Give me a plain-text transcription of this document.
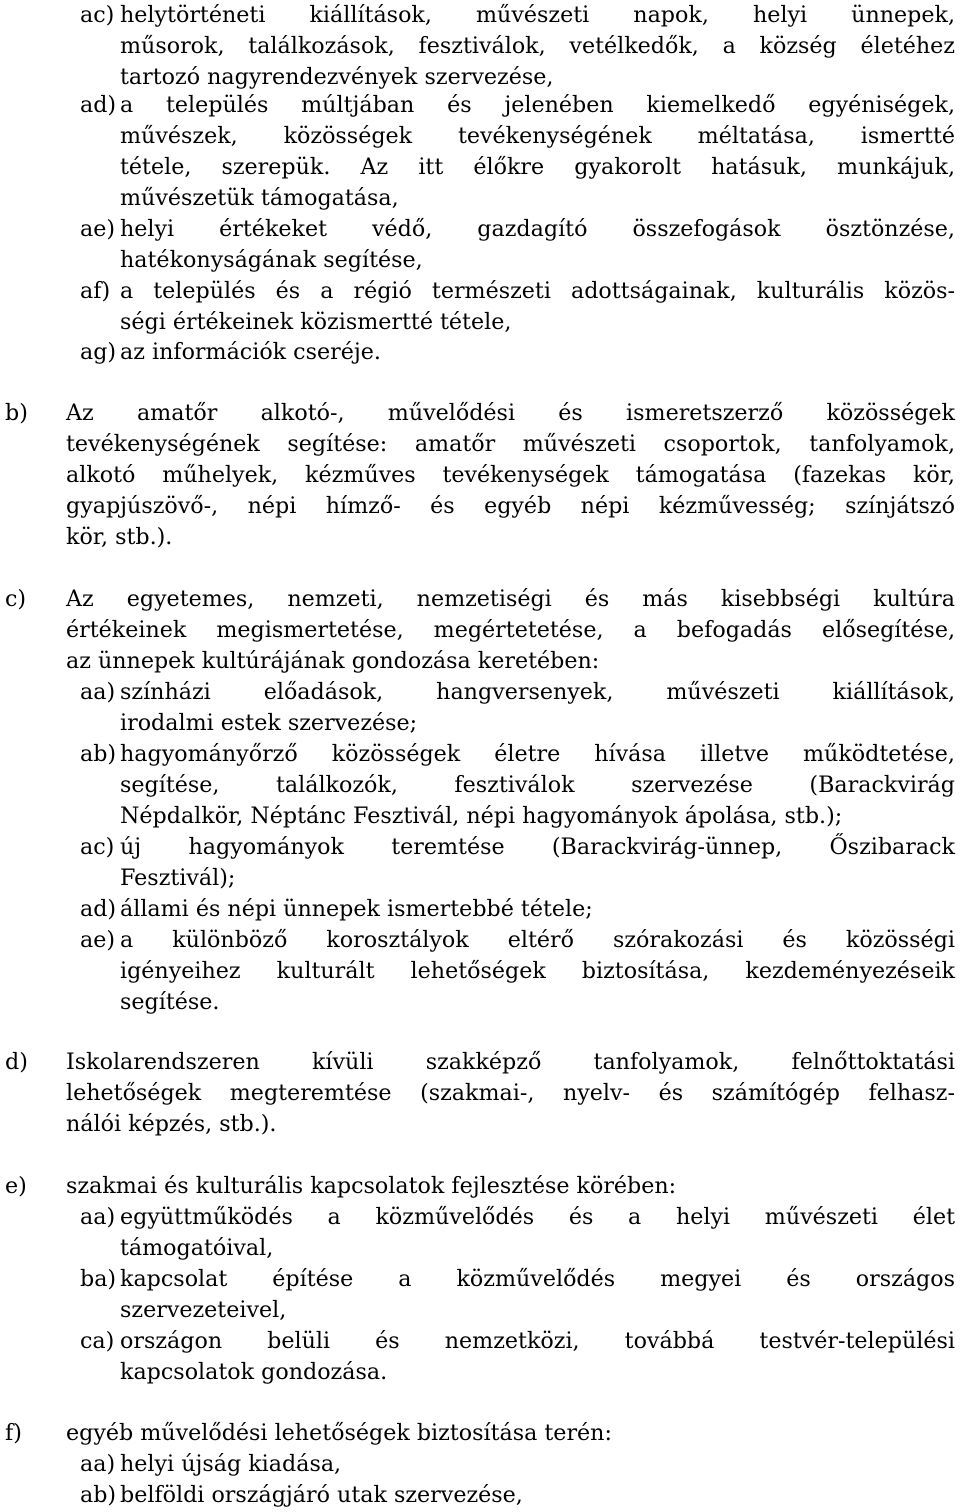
ac) helytörténeti kiállítások, művészeti napok, helyi ünnepek,
műsorok, találkozások, fesztiválok, vetélkedők, a község életéhez
tartozó nagyrendezvények szervezése,
ad) a település múltjában és jelenében kiemelkedő egyéniségek,
művészek, közösségek tevékenységének méltatása, ismertté
tétele, szerepük. Az itt élőkre gyakorolt hatásuk, munkájuk,
művészetük támogatása,
ae) helyi értékeket védő, gazdagító összefogások ösztönzése,
hatékonyságának segítése,
af) a település és a régió természeti adottságainak, kulturális közös-
ségi értékeinek közismertté tétele,
ag) az információk cseréje.
b) Az amatőr alkotó-, művelődési és ismeretszerző közösségek
tevékenységének segítése: amatőr művészeti csoportok, tanfolyamok,
alkotó műhelyek, kézműves tevékenységek támogatása (fazekas kör,
gyapjúszövő-, népi hímző- és egyéb népi kézművesség; színjátszó
kör, stb.).
c) Az egyetemes, nemzeti, nemzetiségi és más kisebbségi kultúra
értékeinek megismertetése, megértetetése, a befogadás elősegítése,
az ünnepek kultúrájának gondozása keretében:
aa) színházi előadások, hangversenyek, művészeti kiállítások,
irodalmi estek szervezése;
ab) hagyományőrző közösségek életre hívása illetve működtetése,
segítése, találkozók, fesztiválok szervezése (Barackvirág
Népdalkör, Néptánc Fesztivál, népi hagyományok ápolása, stb.);
ac) új hagyományok teremtése (Barackvirág-ünnep, Őszibarack
Fesztivál);
ad) állami és népi ünnepek ismertebbé tétele;
ae) a különböző korosztályok eltérő szórakozási és közösségi
igényeihez kulturált lehetőségek biztosítása, kezdeményezéseik
segítése.
d) Iskolarendszeren kívüli szakképző tanfolyamok, felnőttoktatási
lehetőségek megteremtése (szakmai-, nyelv- és számítógép felhasz-
nálói képzés, stb.).
e) szakmai és kulturális kapcsolatok fejlesztése körében:
aa) együttműködés a közművelődés és a helyi művészeti élet
támogatóival,
ba) kapcsolat építése a közművelődés megyei és országos
szervezeteivel,
ca) országon belüli és nemzetközi, továbbá testvér-települési
kapcsolatok gondozása.
f) egyéb művelődési lehetőségek biztosítása terén:
aa) helyi újság kiadása,
ab) belföldi országjáró utak szervezése,
